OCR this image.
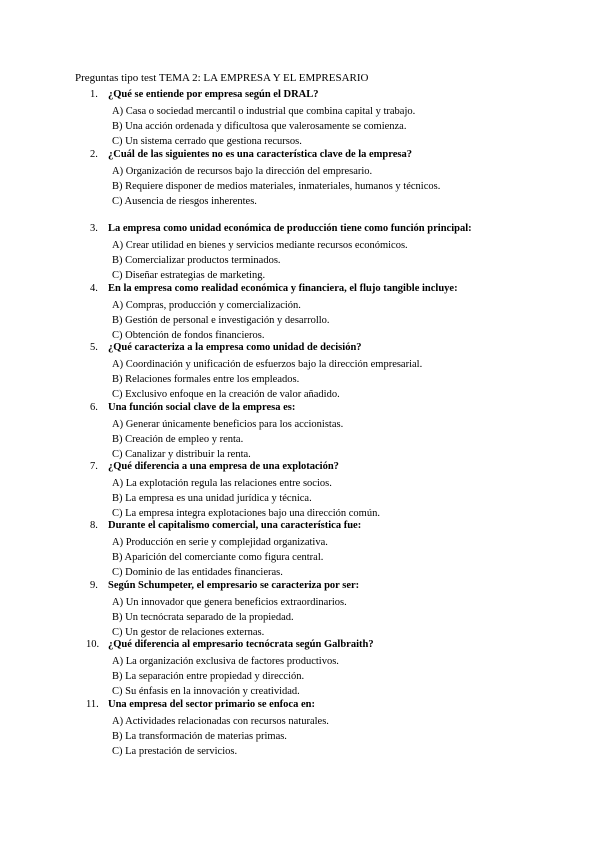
Preguntas tipo test TEMA 2: LA EMPRESA Y EL EMPRESARIO
1. ¿Qué se entiende por empresa según el DRAL?
A) Casa o sociedad mercantil o industrial que combina capital y trabajo.
B) Una acción ordenada y dificultosa que valerosamente se comienza.
C) Un sistema cerrado que gestiona recursos.
2. ¿Cuál de las siguientes no es una característica clave de la empresa?
A) Organización de recursos bajo la dirección del empresario.
B) Requiere disponer de medios materiales, inmateriales, humanos y técnicos.
C) Ausencia de riesgos inherentes.
3. La empresa como unidad económica de producción tiene como función principal:
A) Crear utilidad en bienes y servicios mediante recursos económicos.
B) Comercializar productos terminados.
C) Diseñar estrategias de marketing.
4. En la empresa como realidad económica y financiera, el flujo tangible incluye:
A) Compras, producción y comercialización.
B) Gestión de personal e investigación y desarrollo.
C) Obtención de fondos financieros.
5. ¿Qué caracteriza a la empresa como unidad de decisión?
A) Coordinación y unificación de esfuerzos bajo la dirección empresarial.
B) Relaciones formales entre los empleados.
C) Exclusivo enfoque en la creación de valor añadido.
6. Una función social clave de la empresa es:
A) Generar únicamente beneficios para los accionistas.
B) Creación de empleo y renta.
C) Canalizar y distribuir la renta.
7. ¿Qué diferencia a una empresa de una explotación?
A) La explotación regula las relaciones entre socios.
B) La empresa es una unidad jurídica y técnica.
C) La empresa integra explotaciones bajo una dirección común.
8. Durante el capitalismo comercial, una característica fue:
A) Producción en serie y complejidad organizativa.
B) Aparición del comerciante como figura central.
C) Dominio de las entidades financieras.
9. Según Schumpeter, el empresario se caracteriza por ser:
A) Un innovador que genera beneficios extraordinarios.
B) Un tecnócrata separado de la propiedad.
C) Un gestor de relaciones externas.
10. ¿Qué diferencia al empresario tecnócrata según Galbraith?
A) La organización exclusiva de factores productivos.
B) La separación entre propiedad y dirección.
C) Su énfasis en la innovación y creatividad.
11. Una empresa del sector primario se enfoca en:
A) Actividades relacionadas con recursos naturales.
B) La transformación de materias primas.
C) La prestación de servicios.
